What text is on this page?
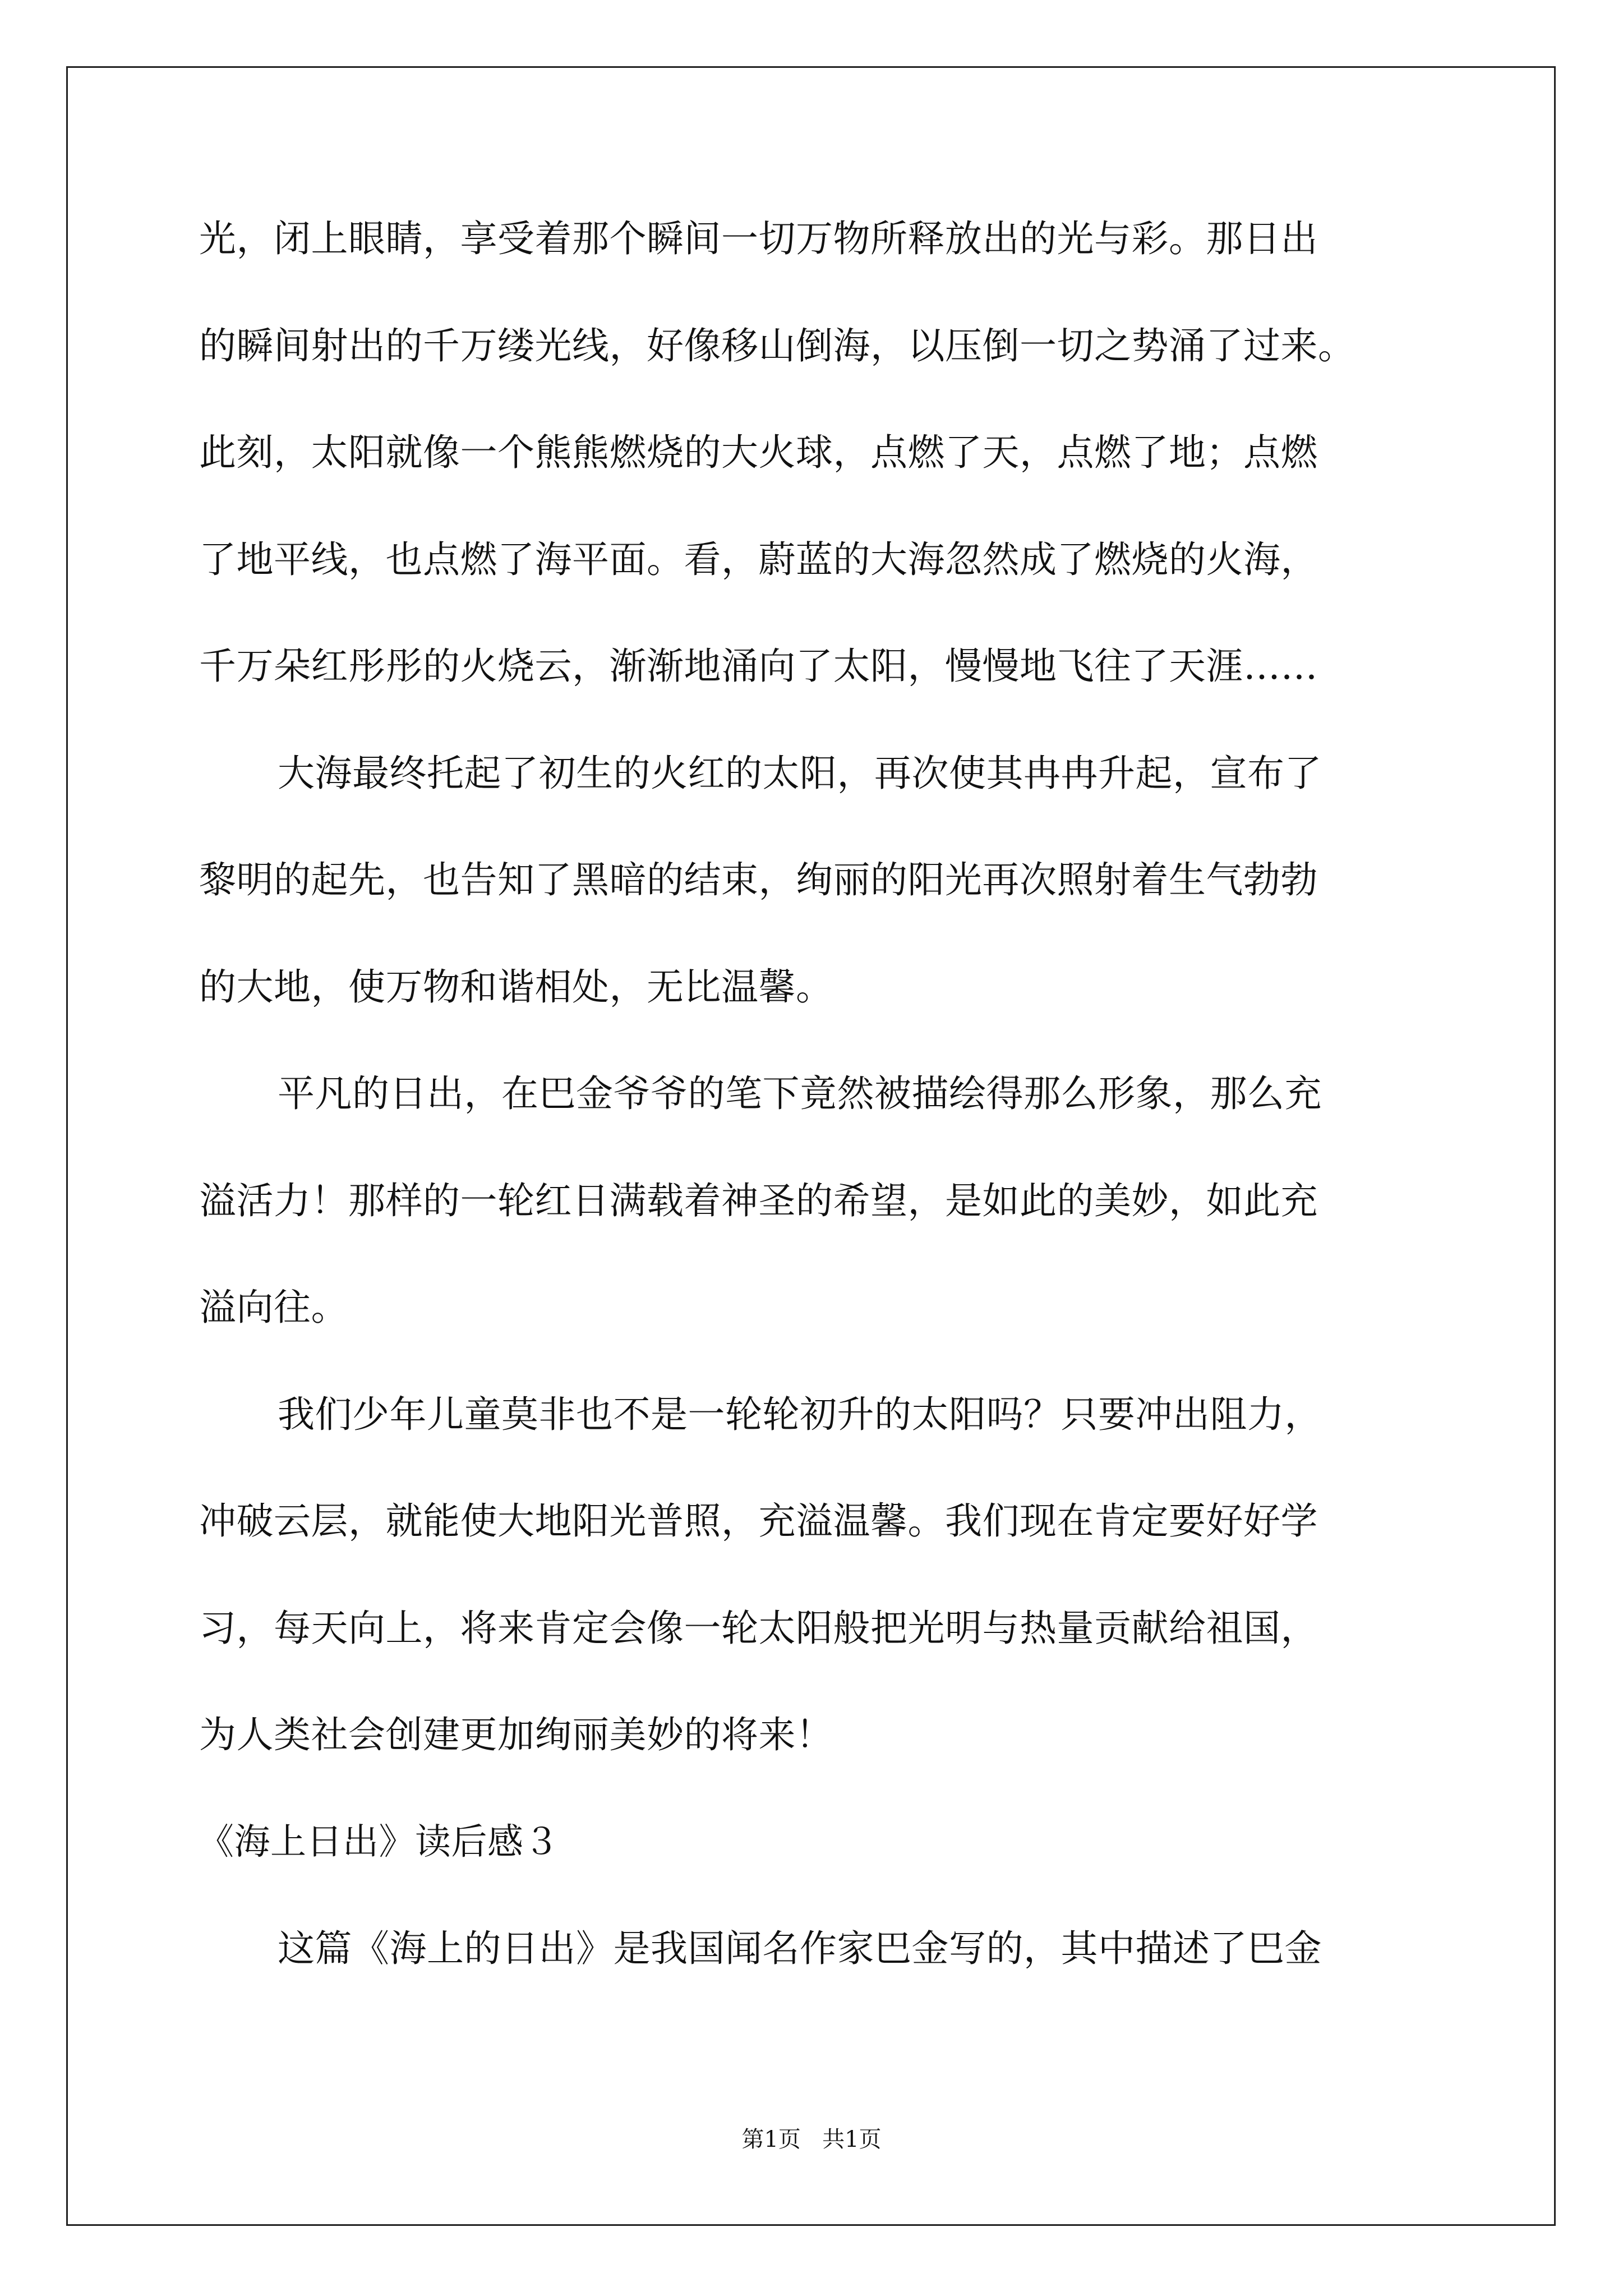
光，闭上眼睛，享受着那个瞬间一切万物所释放出的光与彩。那日出
的瞬间射出的千万缕光线，好像移山倒海，以压倒一切之势涌了过来。
此刻，太阳就像一个熊熊燃烧的大火球，点燃了天，点燃了地；点燃
了地平线，也点燃了海平面。看，蔚蓝的大海忽然成了燃烧的火海，
千万朵红彤彤的火烧云，渐渐地涌向了太阳，慢慢地飞往了天涯……
大海最终托起了初生的火红的太阳，再次使其冉冉升起，宣布了
黎明的起先，也告知了黑暗的结束，绚丽的阳光再次照射着生气勃勃
的大地，使万物和谐相处，无比温馨。
平凡的日出，在巴金爷爷的笔下竟然被描绘得那么形象，那么充
溢活力！那样的一轮红日满载着神圣的希望，是如此的美妙，如此充
溢向往。
我们少年儿童莫非也不是一轮轮初升的太阳吗？只要冲出阻力，
冲破云层，就能使大地阳光普照，充溢温馨。我们现在肯定要好好学
习，每天向上，将来肯定会像一轮太阳般把光明与热量贡献给祖国，
为人类社会创建更加绚丽美妙的将来！
《海上日出》读后感３
这篇《海上的日出》是我国闻名作家巴金写的，其中描述了巴金
第1页 共1页
